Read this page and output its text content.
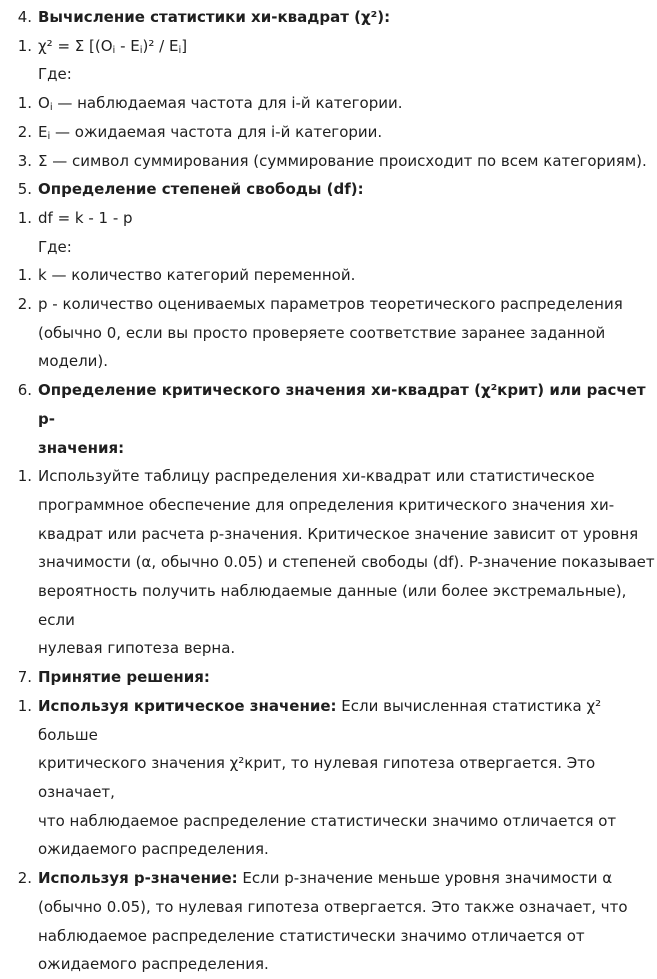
4. Вычисление статистики хи-квадрат (χ²):
1. χ² = Σ $[(O_i - E_i)^2 / E_i]$
Где:
1. $O_i$ — наблюдаемая частота для i-й категории.
2. $E_i$ — ожидаемая частота для i-й категории.
3. Σ — символ суммирования (суммирование происходит по всем категориям).
5. Определение степеней свободы (df):
1. df = k - 1 - p
Где:
1. k — количество категорий переменной.
2. p - количество оцениваемых параметров теоретического распределения
(обычно 0, если вы просто проверяете соответствие заранее заданной
модели).
6. Определение критического значения хи-квадрат (χ²крит) или расчет p-
значения:
1. Используйте таблицу распределения хи-квадрат или статистическое
программное обеспечение для определения критического значения хи-
квадрат или расчета p-значения. Критическое значение зависит от уровня
значимости (α, обычно 0.05) и степеней свободы (df). P-значение показывает
вероятность получить наблюдаемые данные (или более экстремальные), если
нулевая гипотеза верна.
7. Принятие решения:
1. Используя критическое значение: Если вычисленная статистика χ² больше
критического значения χ²крит, то нулевая гипотеза отвергается. Это означает,
что наблюдаемое распределение статистически значимо отличается от
ожидаемого распределения.
2. Используя p-значение: Если p-значение меньше уровня значимости α
(обычно 0.05), то нулевая гипотеза отвергается. Это также означает, что
наблюдаемое распределение статистически значимо отличается от
ожидаемого распределения.
